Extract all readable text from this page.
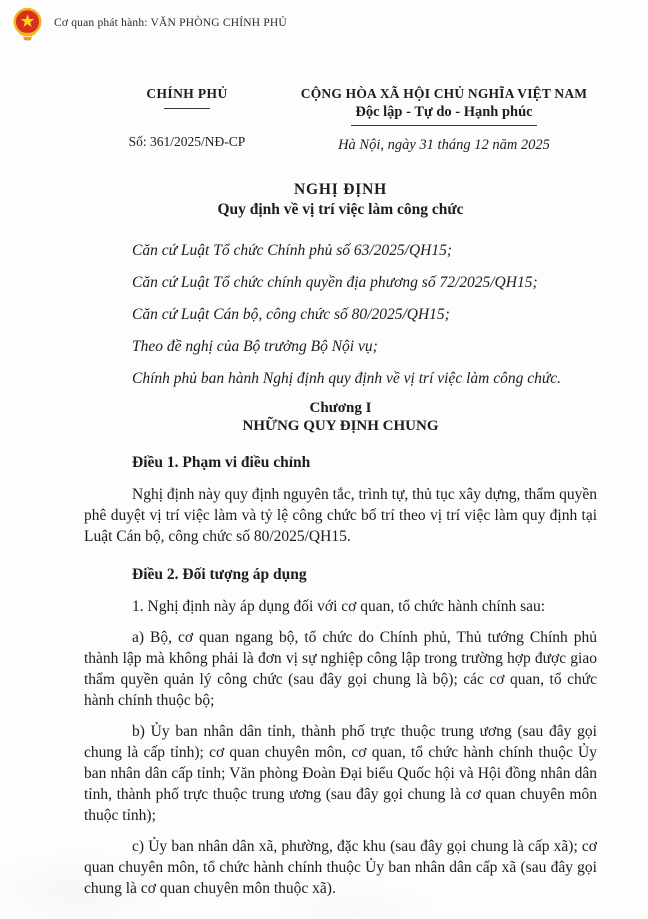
Cơ quan phát hành: VĂN PHÒNG CHÍNH PHỦ
CHÍNH PHỦ
Số: 361/2025/NĐ-CP
CỘNG HÒA XÃ HỘI CHỦ NGHĨA VIỆT NAM
Độc lập - Tự do - Hạnh phúc
Hà Nội, ngày 31 tháng 12 năm 2025
NGHỊ ĐỊNH
Quy định về vị trí việc làm công chức

Căn cứ Luật Tổ chức Chính phủ số 63/2025/QH15;

Căn cứ Luật Tổ chức chính quyền địa phương số 72/2025/QH15;

Căn cứ Luật Cán bộ, công chức số 80/2025/QH15;

Theo đề nghị của Bộ trưởng Bộ Nội vụ;

Chính phủ ban hành Nghị định quy định về vị trí việc làm công chức.

Chương I
NHỮNG QUY ĐỊNH CHUNG
Điều 1. Phạm vi điều chỉnh

Nghị định này quy định nguyên tắc, trình tự, thủ tục xây dựng, thẩm quyền phê duyệt vị trí việc làm và tỷ lệ công chức bố trí theo vị trí việc làm quy định tại Luật Cán bộ, công chức số 80/2025/QH15.

Điều 2. Đối tượng áp dụng

1. Nghị định này áp dụng đối với cơ quan, tổ chức hành chính sau:

a) Bộ, cơ quan ngang bộ, tổ chức do Chính phủ, Thủ tướng Chính phủ thành lập mà không phải là đơn vị sự nghiệp công lập trong trường hợp được giao thẩm quyền quản lý công chức (sau đây gọi chung là bộ); các cơ quan, tổ chức hành chính thuộc bộ;

b) Ủy ban nhân dân tỉnh, thành phố trực thuộc trung ương (sau đây gọi chung là cấp tỉnh); cơ quan chuyên môn, cơ quan, tổ chức hành chính thuộc Ủy ban nhân dân cấp tỉnh; Văn phòng Đoàn Đại biểu Quốc hội và Hội đồng nhân dân tỉnh, thành phố trực thuộc trung ương (sau đây gọi chung là cơ quan chuyên môn thuộc tỉnh);

c) Ủy ban nhân dân xã, phường, đặc khu (sau đây gọi chung là cấp xã); cơ quan chuyên môn, tổ chức hành chính thuộc Ủy ban nhân dân cấp xã (sau đây gọi chung là cơ quan chuyên môn thuộc xã).
